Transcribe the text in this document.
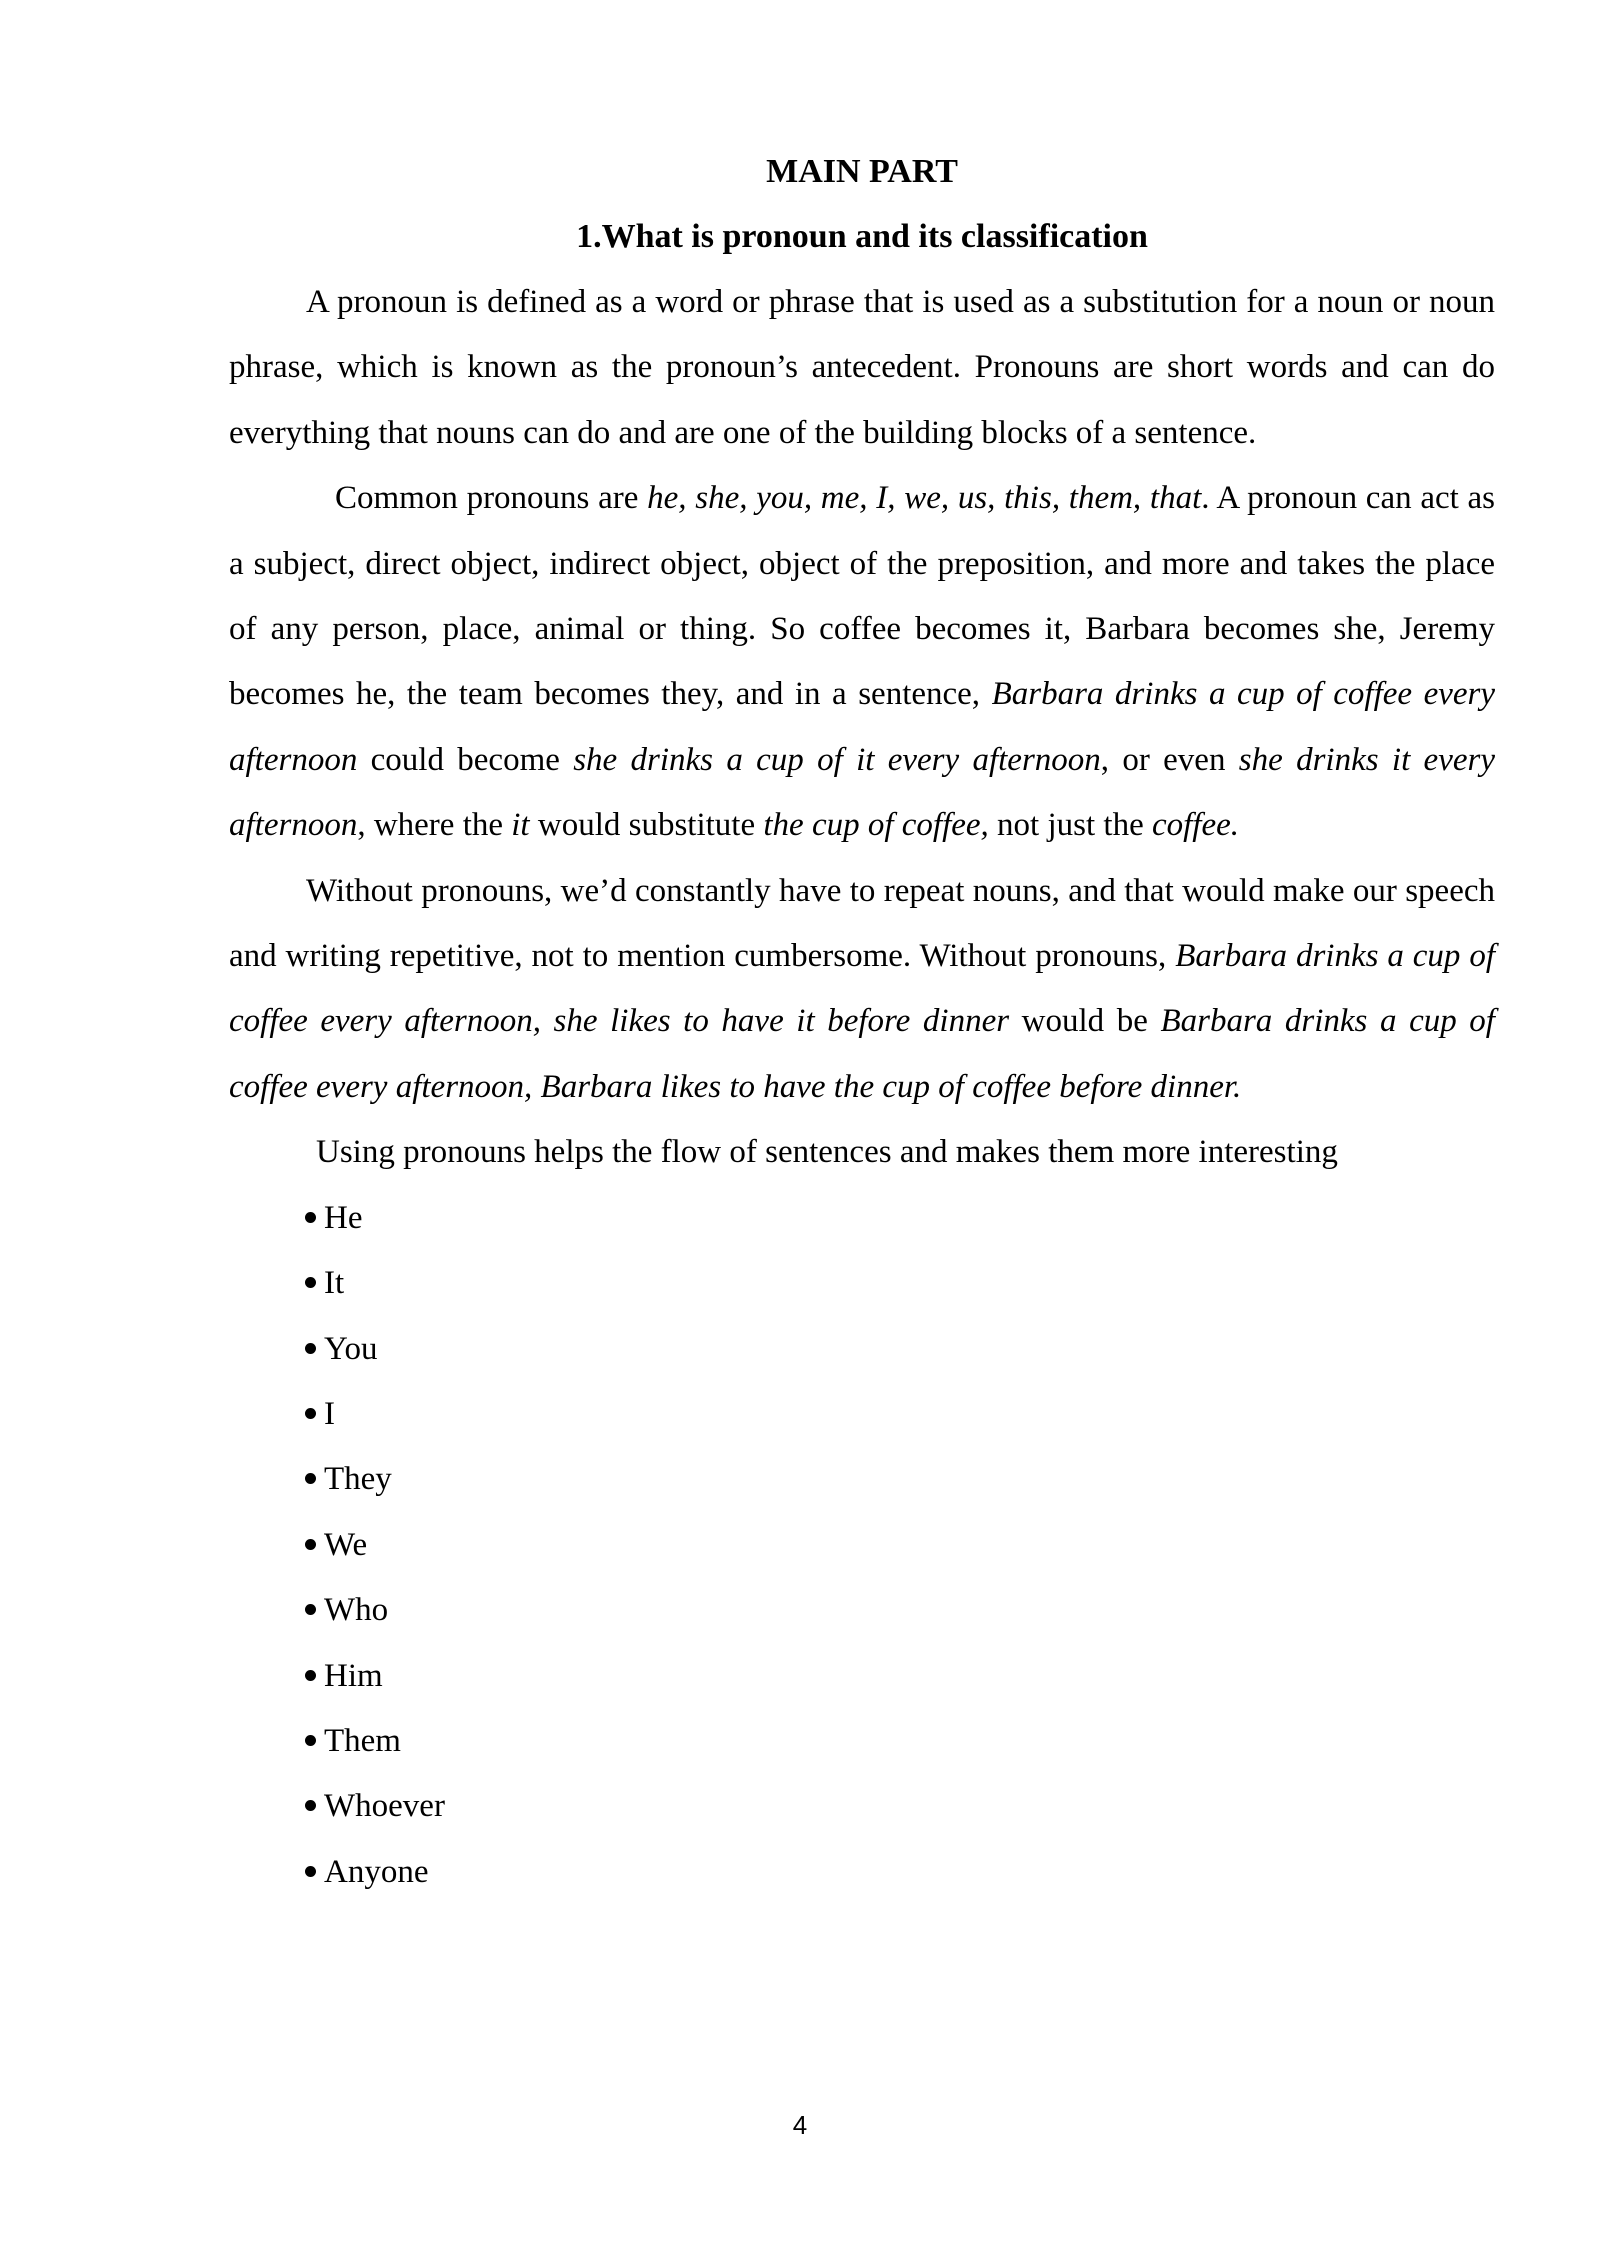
MAIN PART
1.What is pronoun and its classification

A pronoun is defined as a word or phrase that is used as a substitution for a noun or noun phrase, which is known as the pronoun’s antecedent. Pronouns are short words and can do everything that nouns can do and are one of the building blocks of a sentence.

Common pronouns are he, she, you, me, I, we, us, this, them, that. A pronoun can act as a subject, direct object, indirect object, object of the preposition, and more and takes the place of any person, place, animal or thing. So coffee becomes it, Barbara becomes she, Jeremy becomes he, the team becomes they, and in a sentence, Barbara drinks a cup of coffee every afternoon could become she drinks a cup of it every afternoon, or even she drinks it every afternoon, where the it would substitute the cup of coffee, not just the coffee.

Without pronouns, we’d constantly have to repeat nouns, and that would make our speech and writing repetitive, not to mention cumbersome. Without pronouns, Barbara drinks a cup of coffee every afternoon, she likes to have it before dinner would be Barbara drinks a cup of coffee every afternoon, Barbara likes to have the cup of coffee before dinner.

Using pronouns helps the flow of sentences and makes them more interesting

He
It
You
I
They
We
Who
Him
Them
Whoever
Anyone
4
